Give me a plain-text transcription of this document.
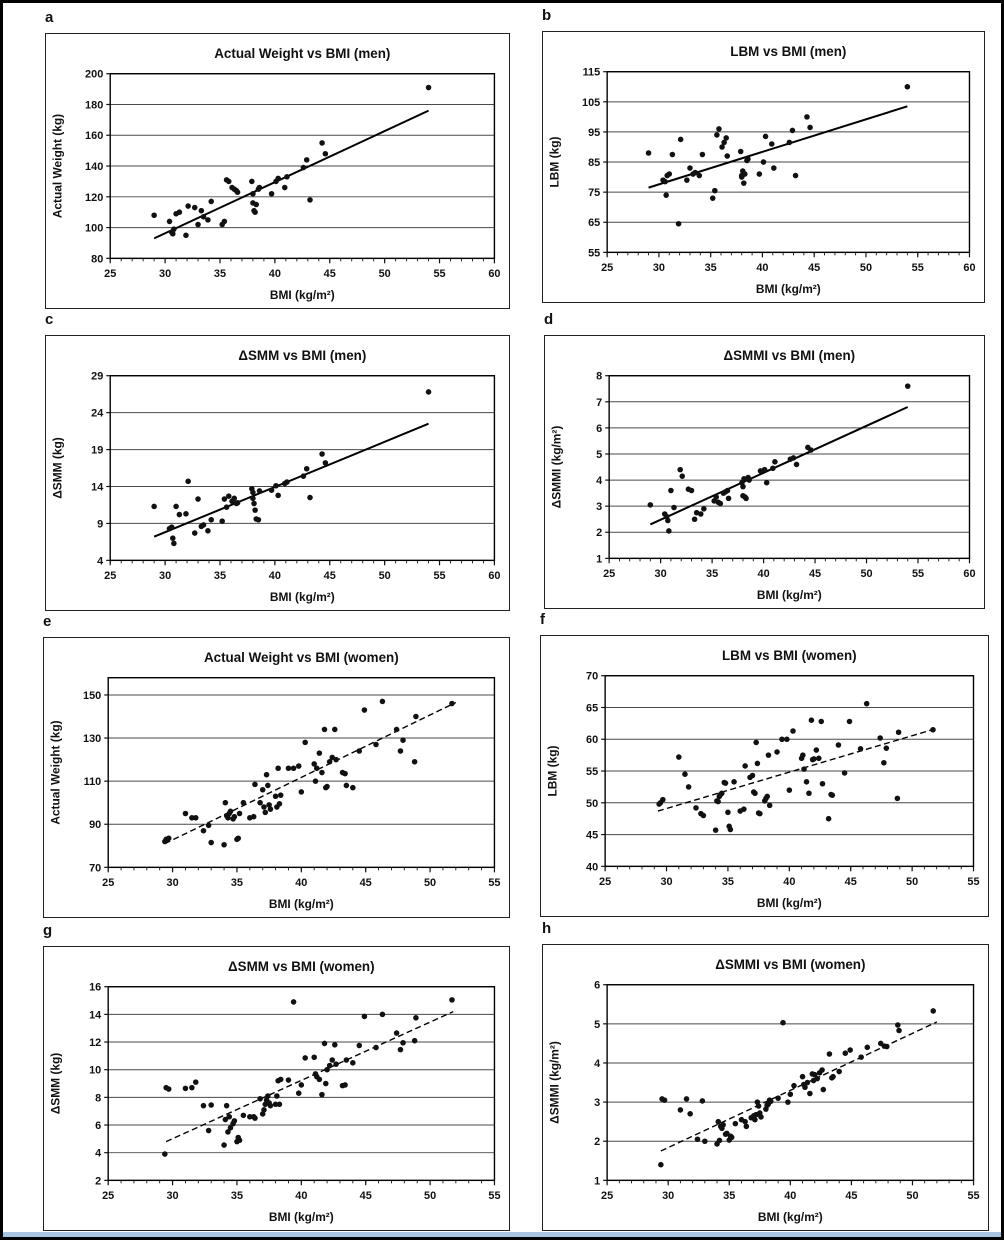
a
80
100
120
140
160
180
200
25	30	35	40	45	50	55	60
Actual Weight vs BMI (men)
BMI (kg/m²)
Actual Weight (kg)
b
55
65
75
85
95
105
115
25	30	35	40	45	50	55	60
LBM vs BMI (men)
BMI (kg/m²)
LBM (kg)
c
4
9
14
19
24
29
25	30	35	40	45	50	55	60
ΔSMM vs BMI (men)
BMI (kg/m²)
ΔSMM (kg)
d
1
2
3
4
5
6
7
8
25	30	35	40	45	50	55	60
ΔSMMI vs BMI (men)
BMI (kg/m²)
ΔSMMI (kg/m²)
e
70
90
110
130
150
25	30	35	40	45	50	55
Actual Weight vs BMI (women)
BMI (kg/m²)
Actual Weight (kg)
f
40
45
50
55
60
65
70
25	30	35	40	45	50	55
LBM vs BMI (women)
BMI (kg/m²)
LBM (kg)
g
2
4
6
8
10
12
14
16
25	30	35	40	45	50	55
ΔSMM vs BMI (women)
BMI (kg/m²)
ΔSMM (kg)
h
1
2
3
4
5
6
25	30	35	40	45	50	55
ΔSMMI vs BMI (women)
BMI (kg/m²)
ΔSMMI (kg/m²)
